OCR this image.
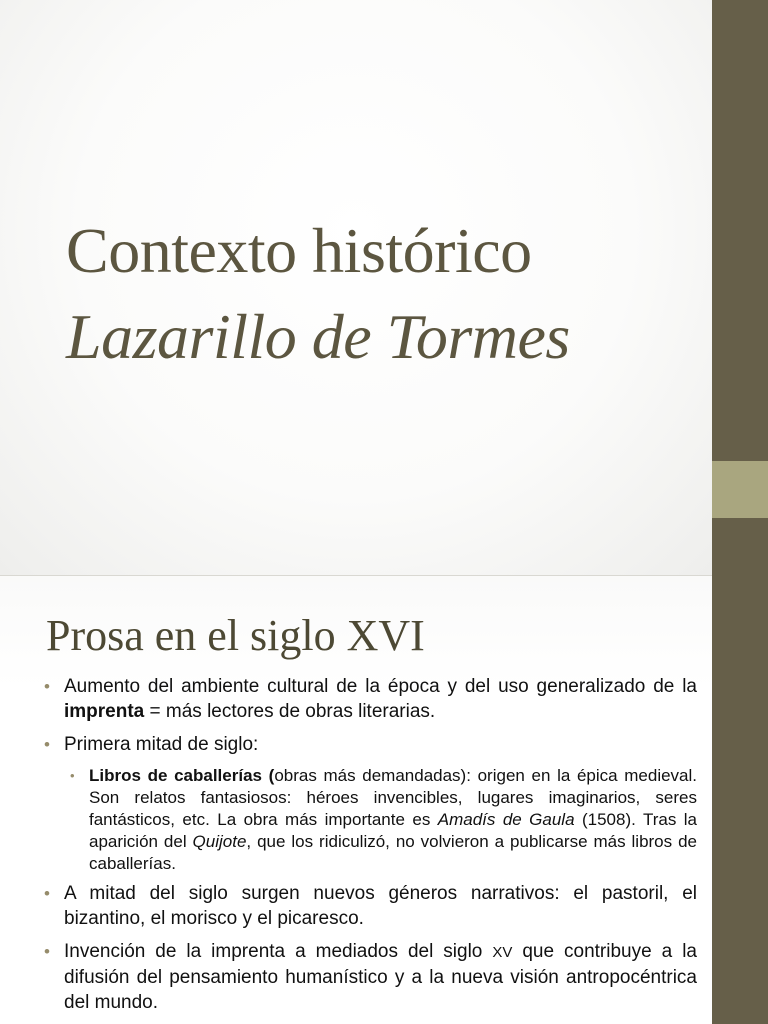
Contexto histórico
Lazarillo de Tormes
Prosa en el siglo XVI
• Aumento del ambiente cultural de la época y del uso generalizado de la imprenta = más lectores de obras literarias.
• Primera mitad de siglo:
• Libros de caballerías (obras más demandadas): origen en la épica medieval. Son relatos fantasiosos: héroes invencibles, lugares imaginarios, seres fantásticos, etc. La obra más importante es Amadís de Gaula (1508). Tras la aparición del Quijote, que los ridiculizó, no volvieron a publicarse más libros de caballerías.
• A mitad del siglo surgen nuevos géneros narrativos: el pastoril, el bizantino, el morisco y el picaresco.
• Invención de la imprenta a mediados del siglo XV que contribuye a la difusión del pensamiento humanístico y a la nueva visión antropocéntrica del mundo.
